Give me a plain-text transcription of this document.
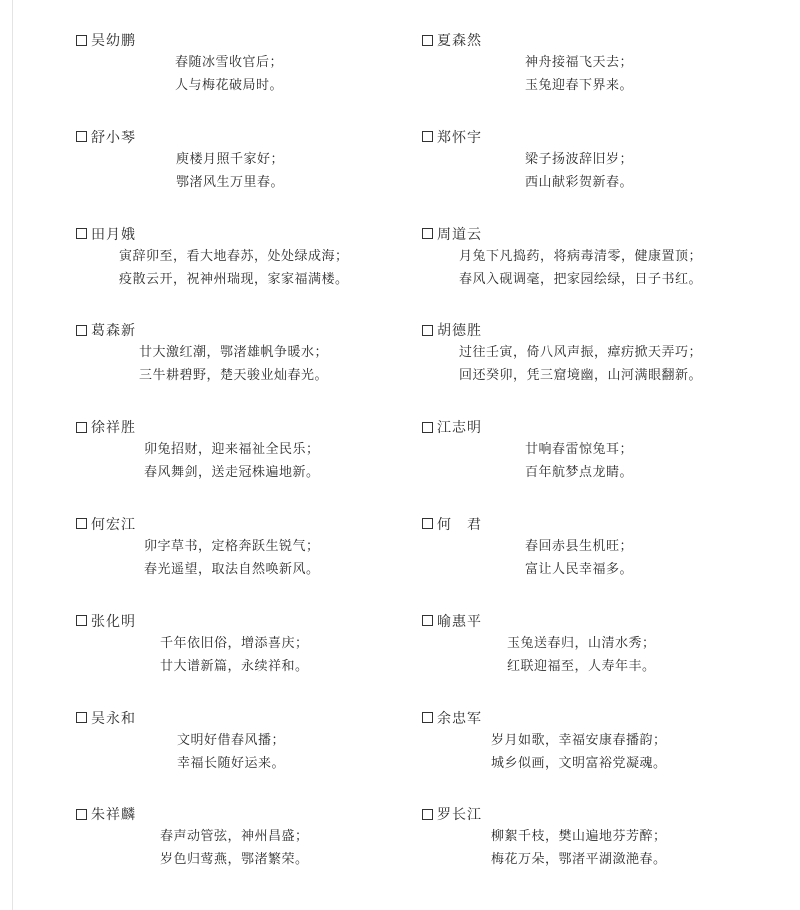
吴幼鹏
春随冰雪收官后；
人与梅花破局时。
舒小琴
庾楼月照千家好；
鄂渚风生万里春。
田月娥
寅辞卯至，看大地春苏，处处绿成海；
疫散云开，祝神州瑞现，家家福满楼。
葛森新
廿大激红潮，鄂渚雄帆争暖水；
三牛耕碧野，楚天骏业灿春光。
徐祥胜
卯兔招财，迎来福祉全民乐；
春风舞剑，送走冠株遍地新。
何宏江
卯字草书，定格奔跃生锐气；
春光遥望，取法自然唤新风。
张化明
千年依旧俗，增添喜庆；
廿大谱新篇，永续祥和。
吴永和
文明好借春风播；
幸福长随好运来。
朱祥麟
春声动管弦，神州昌盛；
岁色归莺燕，鄂渚繁荣。
夏森然
神舟接福飞天去；
玉兔迎春下界来。
郑怀宇
梁子扬波辞旧岁；
西山献彩贺新春。
周道云
月兔下凡捣药，将病毒清零，健康置顶；
春风入砚调毫，把家园绘绿，日子书红。
胡德胜
过往壬寅，倚八风声振，瘴疠掀天弄巧；
回还癸卯，凭三窟境幽，山河满眼翻新。
江志明
廿响春雷惊兔耳；
百年航梦点龙睛。
何　君
春回赤县生机旺；
富让人民幸福多。
喻惠平
玉兔送春归，山清水秀；
红联迎福至，人寿年丰。
余忠军
岁月如歌，幸福安康春播韵；
城乡似画，文明富裕党凝魂。
罗长江
柳絮千枝，樊山遍地芬芳醉；
梅花万朵，鄂渚平湖潋滟春。
